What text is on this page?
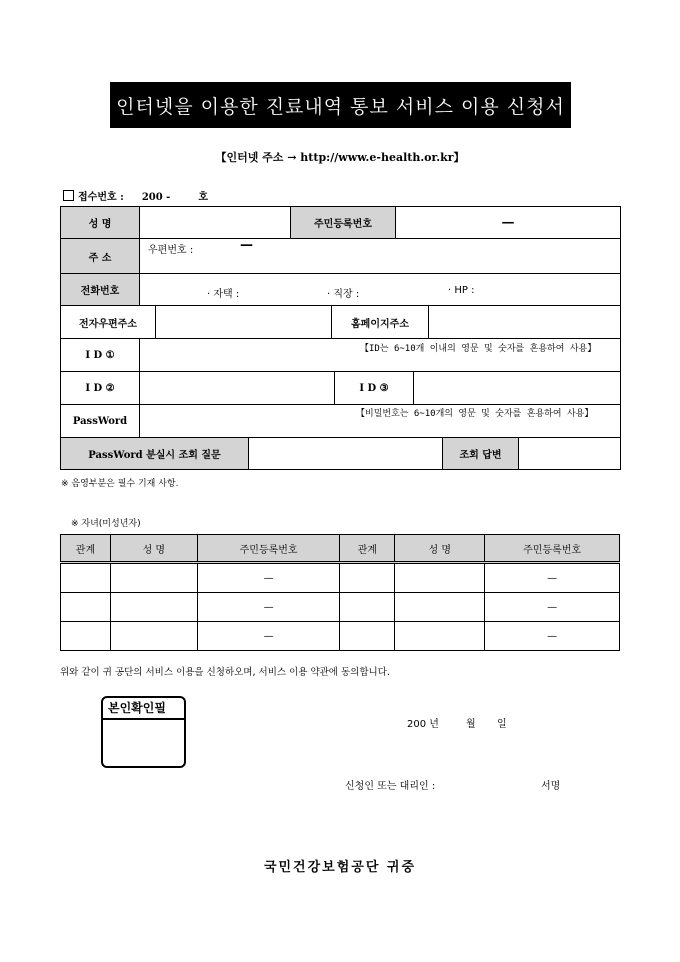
인터넷을 이용한 진료내역 통보 서비스 이용 신청서
【인터넷 주소 → http://www.e-health.or.kr】
접수번호 : 200 -	호
성 명	주민등록번호	—
주 소
우편번호 :	—
전화번호	· 자택 :	· 직장 :	· HP :
전자우편주소	홈페이지주소
I D ①
【ID는 6~10개 이내의 영문 및 숫자를 혼용하여 사용】
I D ②	I D ③
PassWord
【비밀번호는 6~10개의 영문 및 숫자를 혼용하여 사용】
PassWord 분실시 조회 질문	조회 답변
※ 음영부분은 필수 기재 사항.
※ 자녀(미성년자)
관계	성 명	주민등록번호	관계	성 명	주민등록번호
		—			—
		—			—
		—			—
위와 같이 귀 공단의 서비스 이용을 신청하오며, 서비스 이용 약관에 동의합니다.
본인확인필
200 년	월 일
신청인 또는 대리인 :	서명
국민건강보험공단 귀중
